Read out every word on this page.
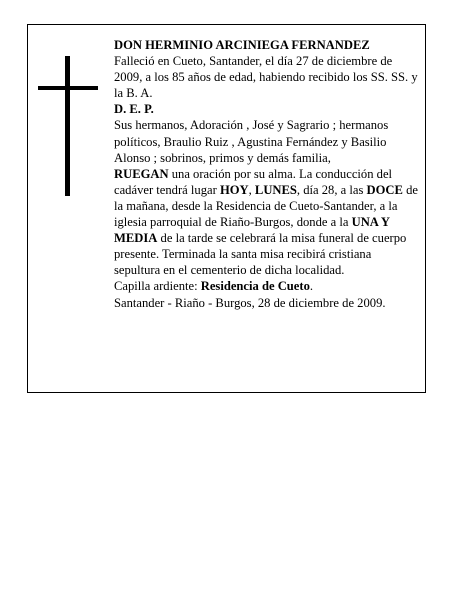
DON HERMINIO ARCINIEGA FERNANDEZ

Falleció en Cueto, Santander, el día 27 de diciembre de 2009, a los 85 años de edad, habiendo recibido los SS. SS. y la B. A.

D. E. P.

Sus hermanos, Adoración , José y Sagrario ; hermanos políticos, Braulio Ruiz , Agustina Fernández y Basilio Alonso ; sobrinos, primos y demás familia,

RUEGAN una oración por su alma. La conducción del cadáver tendrá lugar HOY, LUNES, día 28, a las DOCE de la mañana, desde la Residencia de Cueto-Santander, a la iglesia parroquial de Riaño-Burgos, donde a la UNA Y MEDIA de la tarde se celebrará la misa funeral de cuerpo presente. Terminada la santa misa recibirá cristiana sepultura en el cementerio de dicha localidad.

Capilla ardiente: Residencia de Cueto.

Santander - Riaño - Burgos, 28 de diciembre de 2009.
